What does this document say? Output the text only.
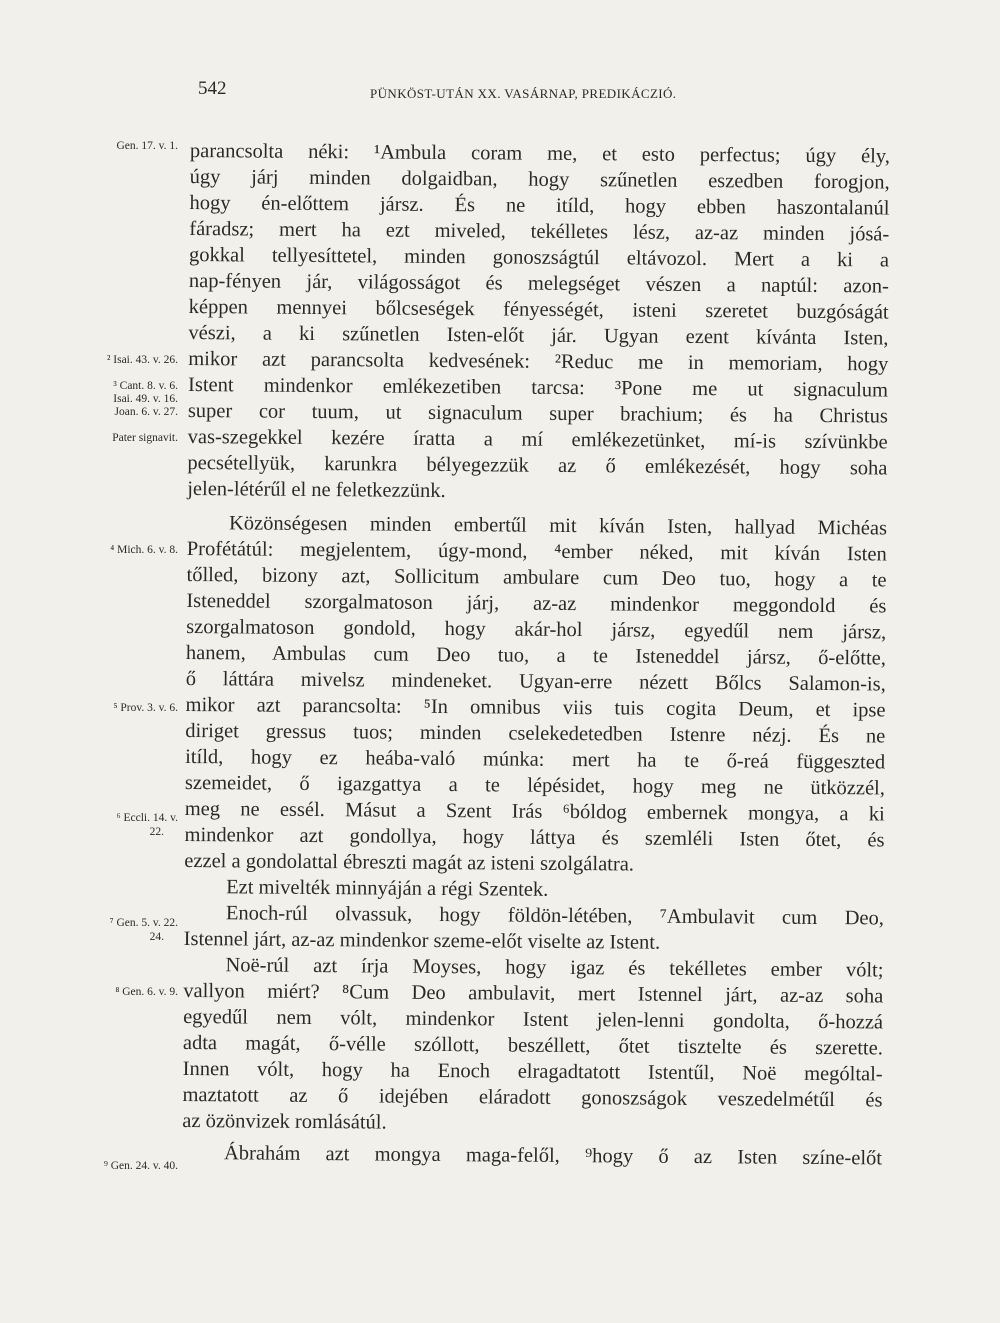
542	PÜNKÖST-UTÁN XX. VASÁRNAP, PREDIKÁCZIÓ.
parancsolta néki: ¹Ambula coram me, et esto perfectus; úgy ély,
úgy járj minden dolgaidban, hogy szűnetlen eszedben forogjon,
hogy én-előttem jársz. És ne itíld, hogy ebben haszontalanúl
fáradsz; mert ha ezt miveled, tekélletes lész, az-az minden jósá-
gokkal tellyesíttetel, minden gonoszságtúl eltávozol. Mert a ki a
nap-fényen jár, világosságot és melegséget vészen a naptúl: azon-
képpen mennyei bőlcseségek fényességét, isteni szeretet buzgóságát
vészi, a ki szűnetlen Isten-előt jár. Ugyan ezent kívánta Isten,
mikor azt parancsolta kedvesének: ²Reduc me in memoriam, hogy
Istent mindenkor emlékezetiben tarcsa: ³Pone me ut signaculum
super cor tuum, ut signaculum super brachium; és ha Christus
vas-szegekkel kezére íratta a mí emlékezetünket, mí-is szívünkbe
pecsétellyük, karunkra bélyegezzük az ő emlékezését, hogy soha
jelen-létérűl el ne feletkezzünk.
Közönségesen minden embertűl mit kíván Isten, hallyad Michéas
Profétátúl: megjelentem, úgy-mond, ⁴ember néked, mit kíván Isten
tőlled, bizony azt, Sollicitum ambulare cum Deo tuo, hogy a te
Isteneddel szorgalmatoson járj, az-az mindenkor meggondold és
szorgalmatoson gondold, hogy akár-hol jársz, egyedűl nem jársz,
hanem, Ambulas cum Deo tuo, a te Isteneddel jársz, ő-előtte,
ő láttára mivelsz mindeneket. Ugyan-erre nézett Bőlcs Salamon-is,
mikor azt parancsolta: ⁵In omnibus viis tuis cogita Deum, et ipse
diriget gressus tuos; minden cselekedetedben Istenre nézj. És ne
itíld, hogy ez heába-való múnka: mert ha te ő-reá függeszted
szemeidet, ő igazgattya a te lépésidet, hogy meg ne ütközzél,
meg ne essél. Másut a Szent Irás ⁶bóldog embernek mongya, a ki
mindenkor azt gondollya, hogy láttya és szemléli Isten őtet, és
ezzel a gondolattal ébreszti magát az isteni szolgálatra.
Ezt mivelték minnyáján a régi Szentek.
Enoch-rúl olvassuk, hogy földön-létében, ⁷Ambulavit cum Deo,
Istennel járt, az-az mindenkor szeme-előt viselte az Istent.
Noë-rúl azt írja Moyses, hogy igaz és tekélletes ember vólt;
vallyon miért? ⁸Cum Deo ambulavit, mert Istennel járt, az-az soha
egyedűl nem vólt, mindenkor Istent jelen-lenni gondolta, ő-hozzá
adta magát, ő-vélle szóllott, beszéllett, őtet tisztelte és szerette.
Innen vólt, hogy ha Enoch elragadtatott Istentűl, Noë mególtal-
maztatott az ő idejében eláradott gonoszságok veszedelmétűl és
az özönvizek romlásátúl.
Ábrahám azt mongya maga-felől, ⁹hogy ő az Isten színe-előt
Gen. 17. v. 1.
² Isai. 43. v. 26.
³ Cant. 8. v. 6.
Isai. 49. v. 16.
Joan. 6. v. 27.
Pater signavit.
⁴ Mich. 6. v. 8.
⁵ Prov. 3. v. 6.
⁶ Eccli. 14. v.
22.
⁷ Gen. 5. v. 22.
24.
⁸ Gen. 6. v. 9.
⁹ Gen. 24. v. 40.
